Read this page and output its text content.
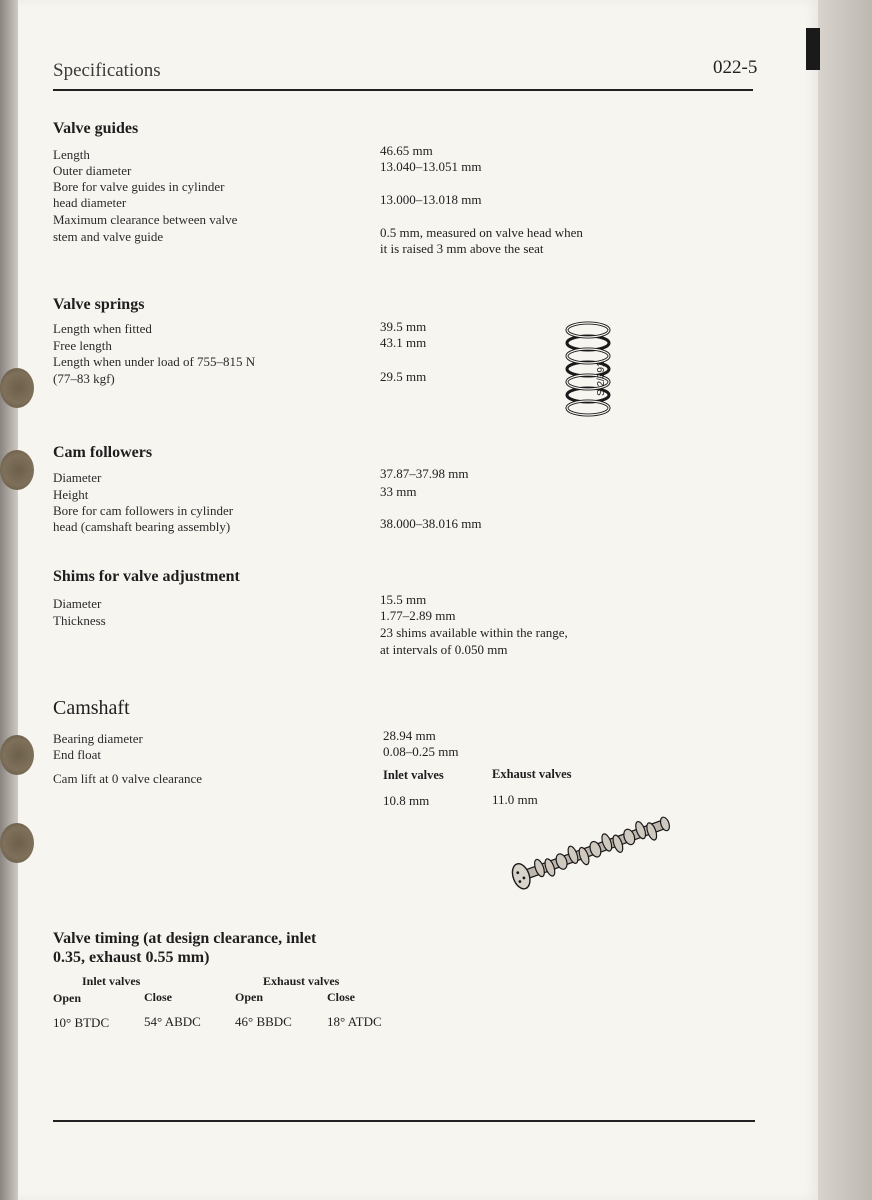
Specifications	022-5
Valve guides
Length	46.65 mm
Outer diameter	13.040–13.051 mm
Bore for valve guides in cylinder
head diameter	13.000–13.018 mm
Maximum clearance between valve
stem and valve guide	0.5 mm, measured on valve head when
it is raised 3 mm above the seat
Valve springs
Length when fitted	39.5 mm
Free length	43.1 mm
Length when under load of 755–815 N
(77–83 kgf)	29.5 mm	S 2/391
Cam followers
Diameter	37.87–37.98 mm
Height	33 mm
Bore for cam followers in cylinder
head (camshaft bearing assembly)	38.000–38.016 mm
Shims for valve adjustment
Diameter	15.5 mm
Thickness	1.77–2.89 mm
23 shims available within the range,
at intervals of 0.050 mm
Camshaft
Bearing diameter	28.94 mm
End float	0.08–0.25 mm
Cam lift at 0 valve clearance	Inlet valves	Exhaust valves
10.8 mm	11.0 mm
Valve timing (at design clearance, inlet
0.35, exhaust 0.55 mm)
Inlet valves	Exhaust valves
Open	Close	Open	Close
10° BTDC	54° ABDC	46° BBDC	18° ATDC
